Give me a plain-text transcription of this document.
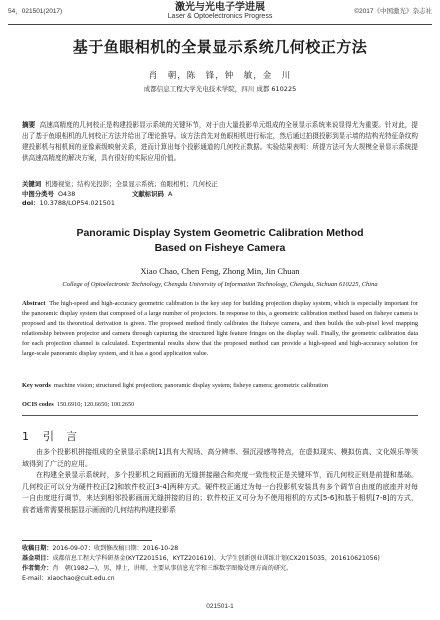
54，021501(2017)	激光与光电子学进展
Laser & Optoelectronics Progress
©2017《中国激光》杂志社
基于鱼眼相机的全景显示系统几何校正方法
肖　朝，陈　锋，钟　敏，金　川
成都信息工程大学光电技术学院，四川 成都 610225
摘要 高速高精度的几何校正是构建投影显示系统的关键环节，对于由大量投影单元组成的全景显示系统来说显得尤为重要。针对此，提出了基于鱼眼相机的几何校正方法并给出了理论推导。该方法首先对鱼眼相机进行标定，然后通过拍摄投影到显示墙的结构光特征条纹构建投影机与相机间的亚像素级映射关系，进而计算出每个投影通道的几何校正数据。实验结果表明：所提方法可为大规模全景显示系统提供高速高精度的解决方案，具有很好的实际应用价值。
关键词 机器视觉；结构光投影；全景显示系统；鱼眼相机；几何校正
中图分类号 O438	文献标识码 A
doi：10.3788/LOP54.021501
Panoramic Display System Geometric Calibration Method
Based on Fisheye Camera
Xiao Chao, Chen Feng, Zhong Min, Jin Chuan
College of Optoelectronic Technology, Chengdu University of Information Technology, Chengdu, Sichuan 610225, China
Abstract The high-speed and high-accuracy geometric calibration is the key step for building projection display system, which is especially important for the panoramic display system that composed of a large number of projectors. In response to this, a geometric calibration method based on fisheye camera is proposed and its theoretical derivation is given. The proposed method firstly calibrates the fisheye camera, and then builds the sub-pixel level mapping relationship between projector and camera through capturing the structured light feature fringes on the display wall. Finally, the geometric calibration data for each projection channel is calculated. Experimental results show that the proposed method can provide a high-speed and high-accuracy solution for large-scale panoramic display system, and it has a good application value.
Key words machine vision; structured light projection; panoramic display system; fisheye camera; geometric calibration
OCIS codes 150.6910; 120.6650; 100.2650
1 引言

由多个投影机拼接组成的全景显示系统[1]具有大视场、高分辨率、强沉浸感等特点，在虚拟现实、模拟仿真、文化娱乐等领域得到了广泛的应用。

在构建全景显示系统时，多个投影机之间画面的无缝拼接融合和亮度一致性校正是关键环节，而几何校正则是前提和基础。几何校正可以分为硬件校正[2]和软件校正[3-4]两种方式。硬件校正通过为每一台投影机安装具有多个调节自由度的底座并对每一自由度进行调节，来达到相邻投影画面无缝拼接的目的；软件校正又可分为不使用相机的方式[5-6]和基于相机[7-8]的方式，前者通常需要根据显示画面的几何结构构建投影系

收稿日期：2016-09-07；收到修改稿日期：2016-10-28
基金项目：成都信息工程大学科研基金(KYTZ201516，KYTZ201619)、大学生创新创业训练计划(CX2015035，201610621056)
作者简介：肖　朝(1982—)，男，博士，讲师，主要从事信息光学和三维数字图像处理方面的研究。
E-mail：xiaochao@cuit.edu.cn
021501-1
